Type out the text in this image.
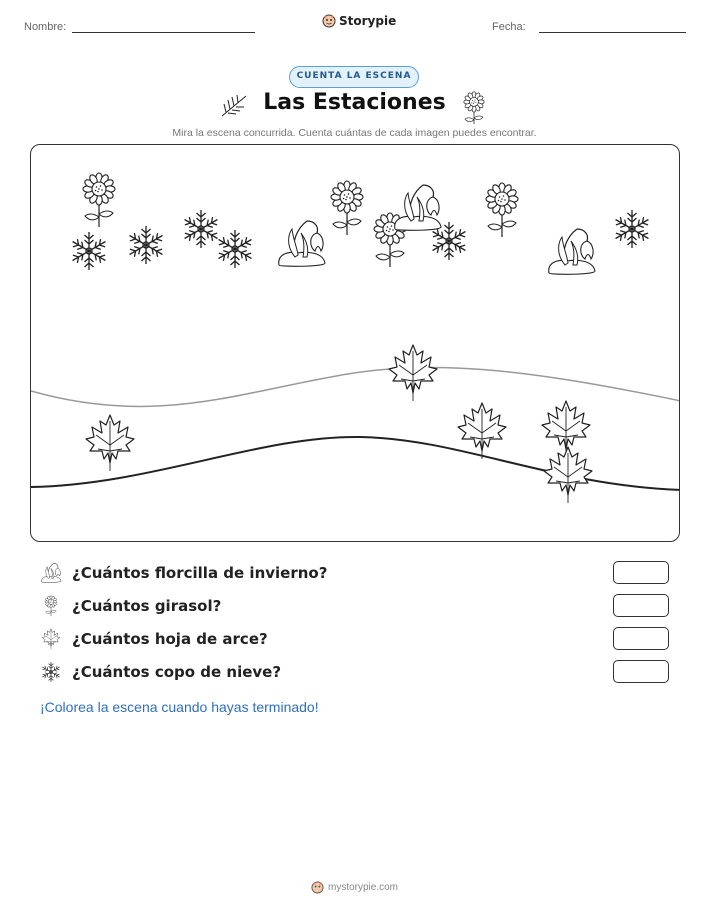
Nombre:	Storypie	Fecha:
CUENTA LA ESCENA
Las Estaciones
Mira la escena concurrida. Cuenta cuántas de cada imagen puedes encontrar.
¿Cuántos florcilla de invierno?
¿Cuántos girasol?
¿Cuántos hoja de arce?
¿Cuántos copo de nieve?
¡Colorea la escena cuando hayas terminado!
mystorypie.com
